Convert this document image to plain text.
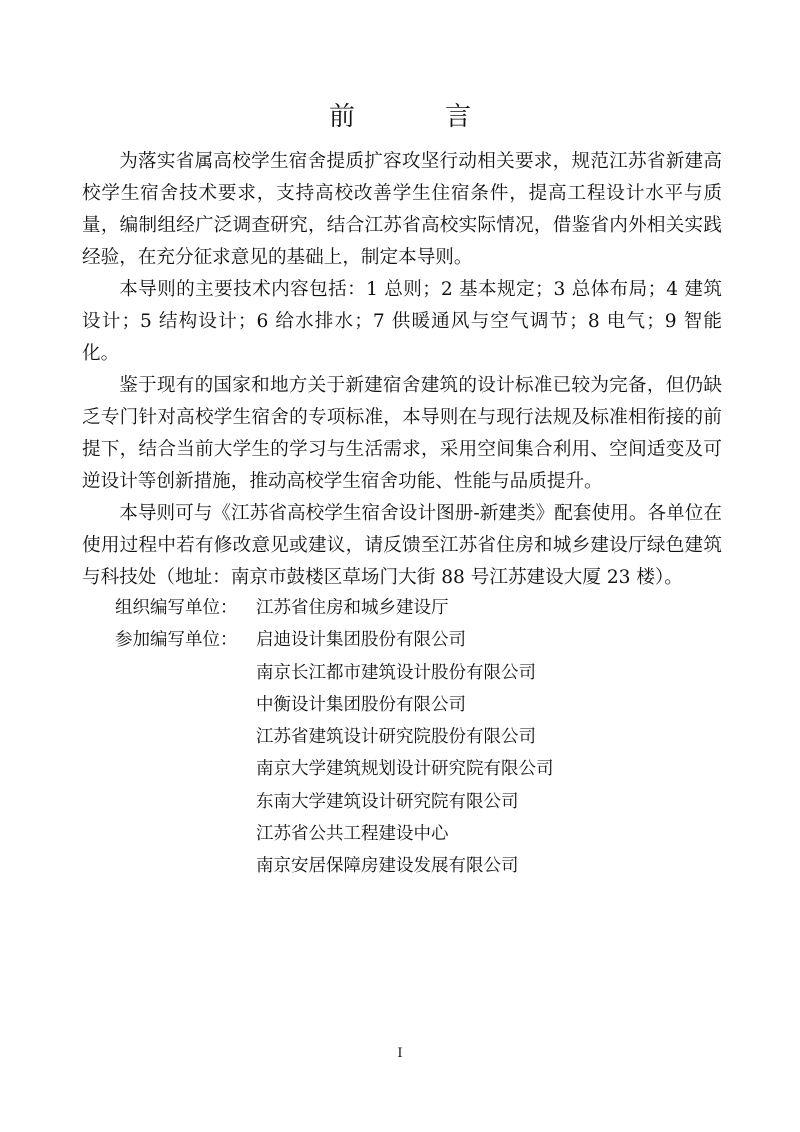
前　言

为落实省属高校学生宿舍提质扩容攻坚行动相关要求，规范江苏省新建高校学生宿舍技术要求，支持高校改善学生住宿条件，提高工程设计水平与质量，编制组经广泛调查研究，结合江苏省高校实际情况，借鉴省内外相关实践经验，在充分征求意见的基础上，制定本导则。

本导则的主要技术内容包括：1 总则；2 基本规定；3 总体布局；4 建筑设计；5 结构设计；6 给水排水；7 供暖通风与空气调节；8 电气；9 智能化。

鉴于现有的国家和地方关于新建宿舍建筑的设计标准已较为完备，但仍缺乏专门针对高校学生宿舍的专项标准，本导则在与现行法规及标准相衔接的前提下，结合当前大学生的学习与生活需求，采用空间集合利用、空间适变及可逆设计等创新措施，推动高校学生宿舍功能、性能与品质提升。

本导则可与《江苏省高校学生宿舍设计图册-新建类》配套使用。各单位在使用过程中若有修改意见或建议，请反馈至江苏省住房和城乡建设厅绿色建筑与科技处（地址：南京市鼓楼区草场门大街 88 号江苏建设大厦 23 楼）。

组织编写单位：	江苏省住房和城乡建设厅
参加编写单位：	启迪设计集团股份有限公司
南京长江都市建筑设计股份有限公司
中衡设计集团股份有限公司
江苏省建筑设计研究院股份有限公司
南京大学建筑规划设计研究院有限公司
东南大学建筑设计研究院有限公司
江苏省公共工程建设中心
南京安居保障房建设发展有限公司
I
